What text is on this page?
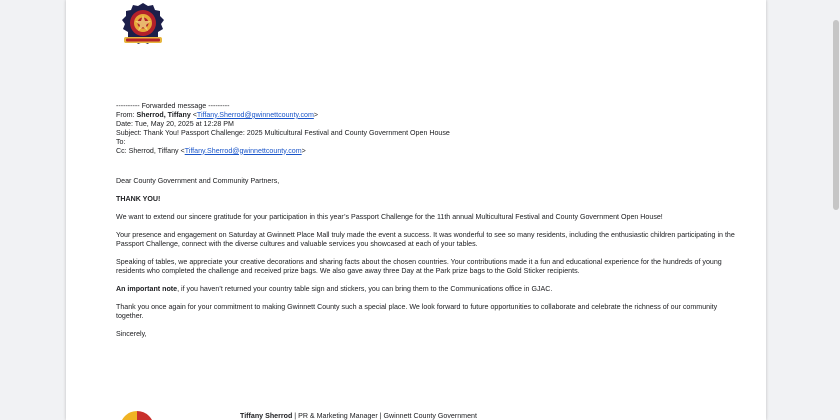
---------- Forwarded message ---------

From: Sherrod, Tiffany <Tiffany.Sherrod@gwinnettcounty.com>

Date: Tue, May 20, 2025 at 12:28 PM

Subject: Thank You! Passport Challenge: 2025 Multicultural Festival and County Government Open House

To:

Cc: Sherrod, Tiffany <Tiffany.Sherrod@gwinnettcounty.com>

Dear County Government and Community Partners,

THANK YOU!

We want to extend our sincere gratitude for your participation in this year’s Passport Challenge for the 11th annual Multicultural Festival and County Government Open House!

Your presence and engagement on Saturday at Gwinnett Place Mall truly made the event a success. It was wonderful to see so many residents, including the enthusiastic children participating in the Passport Challenge, connect with the diverse cultures and valuable services you showcased at each of your tables.

Speaking of tables, we appreciate your creative decorations and sharing facts about the chosen countries. Your contributions made it a fun and educational experience for the hundreds of young residents who completed the challenge and received prize bags. We also gave away three Day at the Park prize bags to the Gold Sticker recipients.

An important note, if you haven’t returned your country table sign and stickers, you can bring them to the Communications office in GJAC.

Thank you once again for your commitment to making Gwinnett County such a special place. We look forward to future opportunities to collaborate and celebrate the richness of our community together.

Sincerely,

Tiffany Sherrod | PR & Marketing Manager | Gwinnett County Government
